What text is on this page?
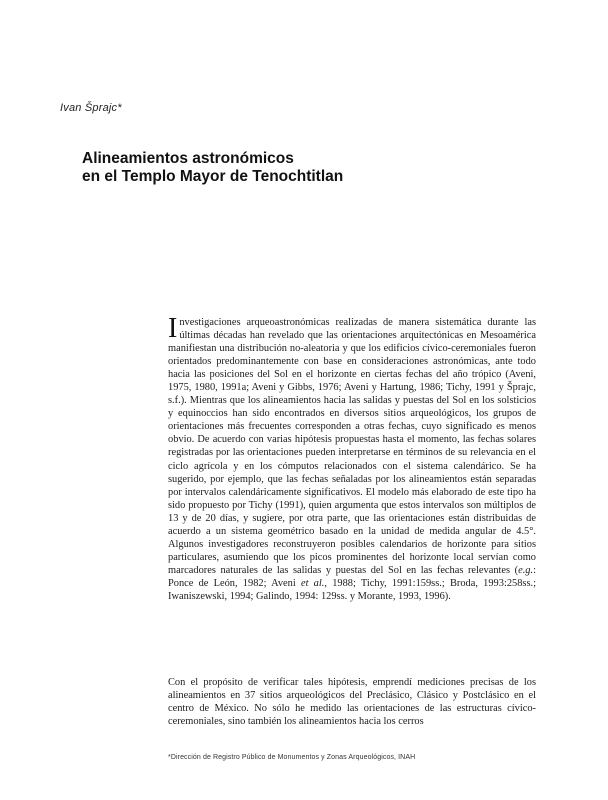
Ivan Šprajc*
Alineamientos astronómicos
en el Templo Mayor de Tenochtitlan

Investigaciones arqueoastronómicas realizadas de manera sistemática durante las últimas décadas han revelado que las orientaciones arquitectónicas en Mesoamérica manifiestan una distribución no-aleatoria y que los edificios cívico-ceremoniales fueron orientados predominantemente con base en consideraciones astronómicas, ante todo hacia las posiciones del Sol en el horizonte en ciertas fechas del año trópico (Aveni, 1975, 1980, 1991a; Aveni y Gibbs, 1976; Aveni y Hartung, 1986; Tichy, 1991 y Šprajc, s.f.). Mientras que los alineamientos hacia las salidas y puestas del Sol en los solsticios y equinoccios han sido encontrados en diversos sitios arqueológicos, los grupos de orientaciones más frecuentes corresponden a otras fechas, cuyo significado es menos obvio. De acuerdo con varias hipótesis propuestas hasta el momento, las fechas solares registradas por las orientaciones pueden interpretarse en términos de su relevancia en el ciclo agrícola y en los cómputos relacionados con el sistema calendárico. Se ha sugerido, por ejemplo, que las fechas señaladas por los alineamientos están separadas por intervalos calendáricamente significativos. El modelo más elaborado de este tipo ha sido propuesto por Tichy (1991), quien argumenta que estos intervalos son múltiplos de 13 y de 20 días, y sugiere, por otra parte, que las orientaciones están distribuidas de acuerdo a un sistema geométrico basado en la unidad de medida angular de 4.5°. Algunos investigadores reconstruyeron posibles calendarios de horizonte para sitios particulares, asumiendo que los picos prominentes del horizonte local servían como marcadores naturales de las salidas y puestas del Sol en las fechas relevantes (e.g.: Ponce de León, 1982; Aveni et al., 1988; Tichy, 1991:159ss.; Broda, 1993:258ss.; Iwaniszewski, 1994; Galindo, 1994: 129ss. y Morante, 1993, 1996).

Con el propósito de verificar tales hipótesis, emprendí mediciones precisas de los alineamientos en 37 sitios arqueológicos del Preclásico, Clásico y Postclásico en el centro de México. No sólo he medido las orientaciones de las estructuras cívico-ceremoniales, sino también los alineamientos hacia los cerros

*Dirección de Registro Público de Monumentos y Zonas Arqueológicos, INAH
